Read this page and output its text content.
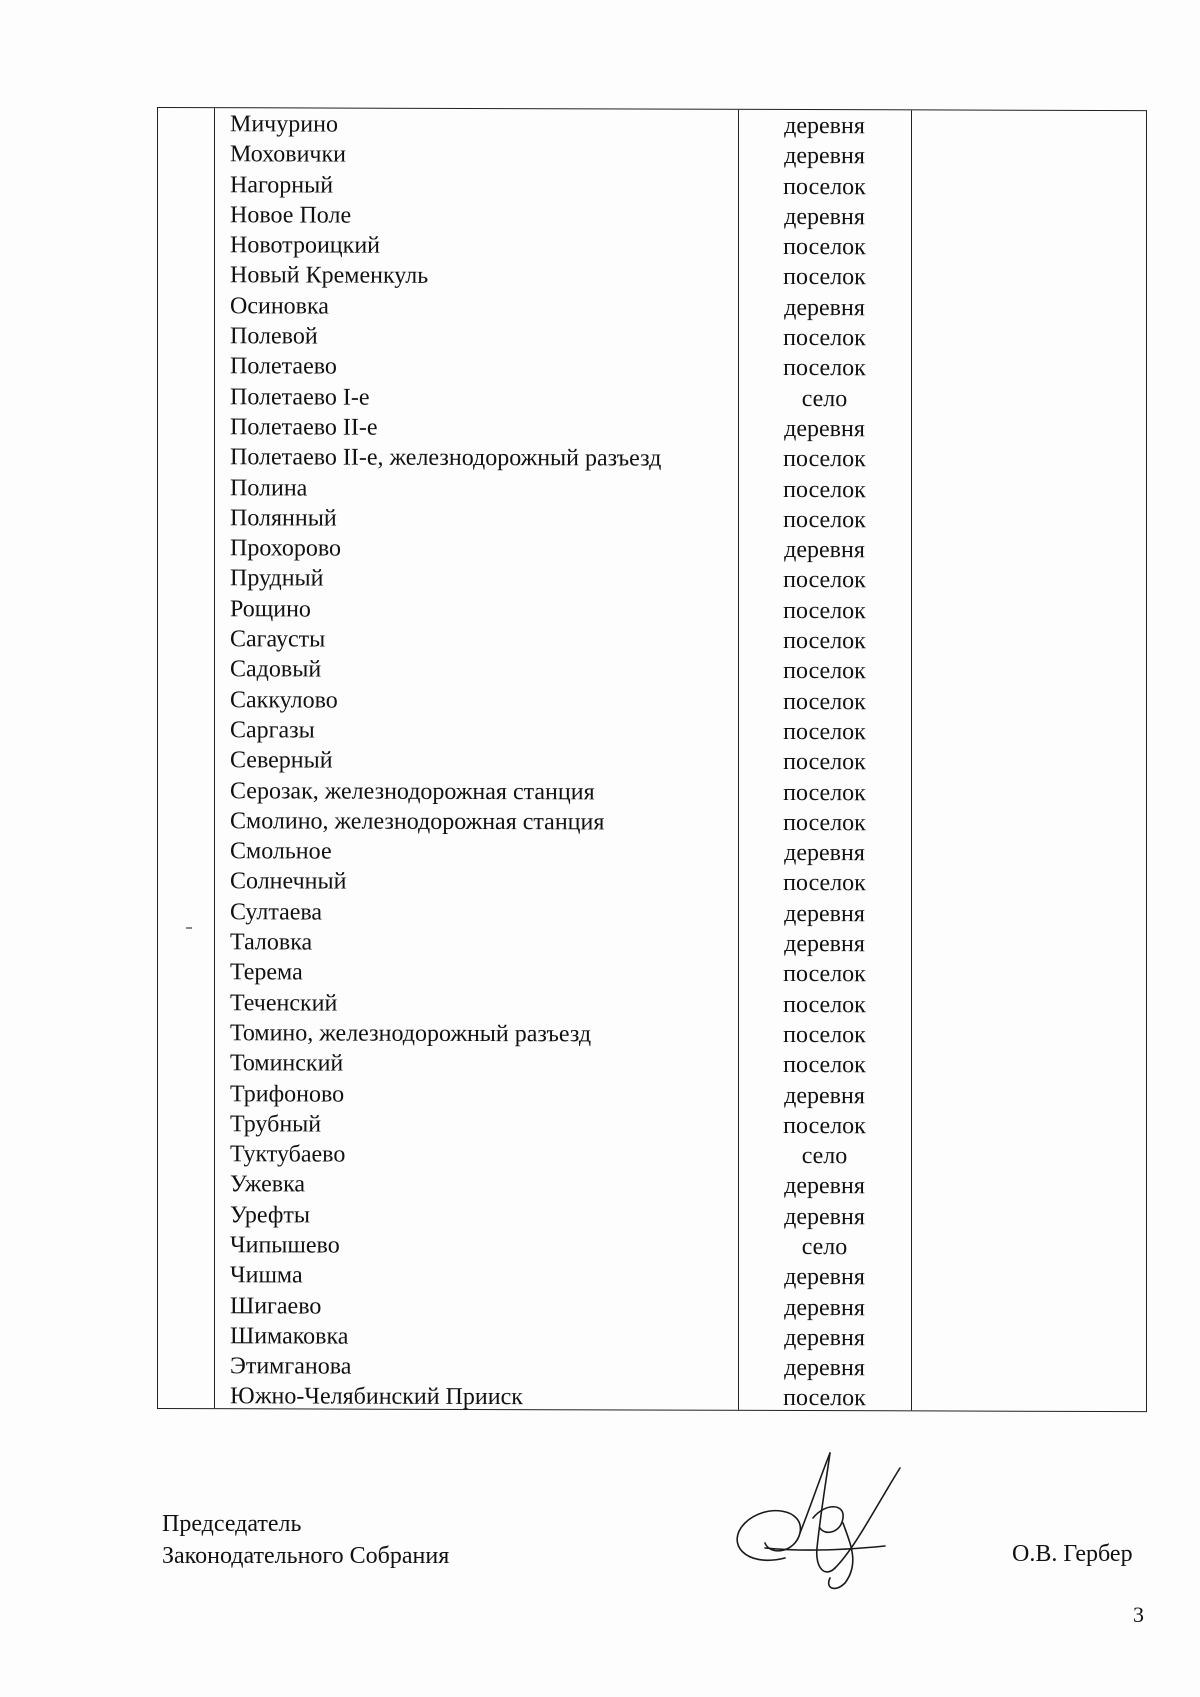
Мичурино	деревня
Моховички	деревня
Нагорный	поселок
Новое Поле	деревня
Новотроицкий	поселок
Новый Кременкуль	поселок
Осиновка	деревня
Полевой	поселок
Полетаево	поселок
Полетаево I-е	село
Полетаево II-е	деревня
Полетаево II-е, железнодорожный разъезд	поселок
Полина	поселок
Полянный	поселок
Прохорово	деревня
Прудный	поселок
Рощино	поселок
Сагаусты	поселок
Садовый	поселок
Саккулово	поселок
Саргазы	поселок
Северный	поселок
Серозак, железнодорожная станция	поселок
Смолино, железнодорожная станция	поселок
Смольное	деревня
Солнечный	поселок
Султаева	деревня
Таловка	деревня
Терема	поселок
Теченский	поселок
Томино, железнодорожный разъезд	поселок
Томинский	поселок
Трифоново	деревня
Трубный	поселок
Туктубаево	село
Ужевка	деревня
Урефты	деревня
Чипышево	село
Чишма	деревня
Шигаево	деревня
Шимаковка	деревня
Этимганова	деревня
Южно-Челябинский Прииск	поселок
Председатель
Законодательного Собрания	О.В. Гербер
3
